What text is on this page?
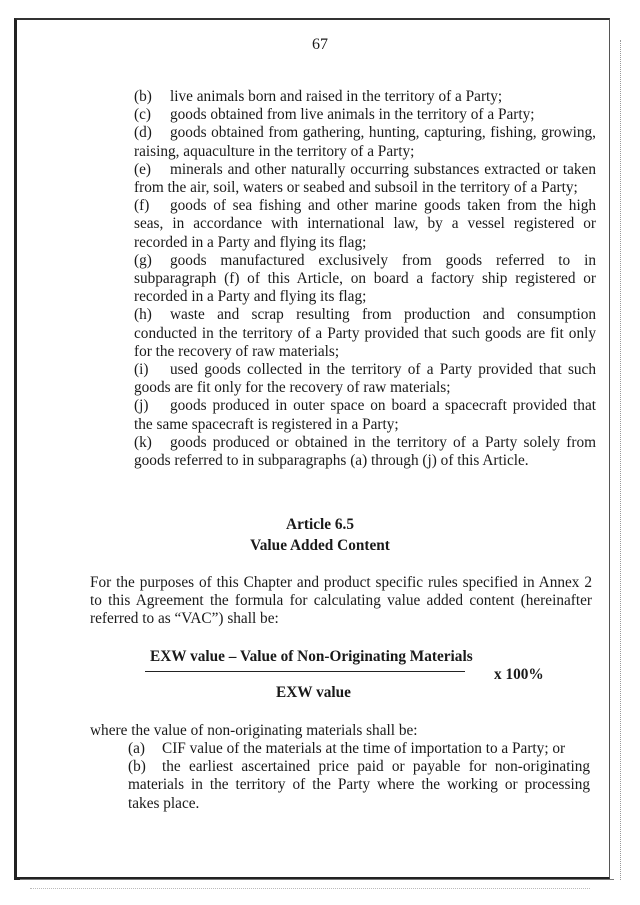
67

(b) live animals born and raised in the territory of a Party;

(c) goods obtained from live animals in the territory of a Party;

(d) goods obtained from gathering, hunting, capturing, fishing, growing, raising, aquaculture in the territory of a Party;

(e) minerals and other naturally occurring substances extracted or taken from the air, soil, waters or seabed and subsoil in the territory of a Party;

(f) goods of sea fishing and other marine goods taken from the high seas, in accordance with international law, by a vessel registered or recorded in a Party and flying its flag;

(g) goods manufactured exclusively from goods referred to in subparagraph (f) of this Article, on board a factory ship registered or recorded in a Party and flying its flag;

(h) waste and scrap resulting from production and consumption conducted in the territory of a Party provided that such goods are fit only for the recovery of raw materials;

(i) used goods collected in the territory of a Party provided that such goods are fit only for the recovery of raw materials;

(j) goods produced in outer space on board a spacecraft provided that the same spacecraft is registered in a Party;

(k) goods produced or obtained in the territory of a Party solely from goods referred to in subparagraphs (a) through (j) of this Article.

Article 6.5
Value Added Content

For the purposes of this Chapter and product specific rules specified in Annex 2 to this Agreement the formula for calculating value added content (hereinafter referred to as “VAC”) shall be:

EXW value – Value of Non-Originating Materials
EXW value
x 100%

where the value of non-originating materials shall be:

(a) CIF value of the materials at the time of importation to a Party; or

(b) the earliest ascertained price paid or payable for non-originating materials in the territory of the Party where the working or processing takes place.
